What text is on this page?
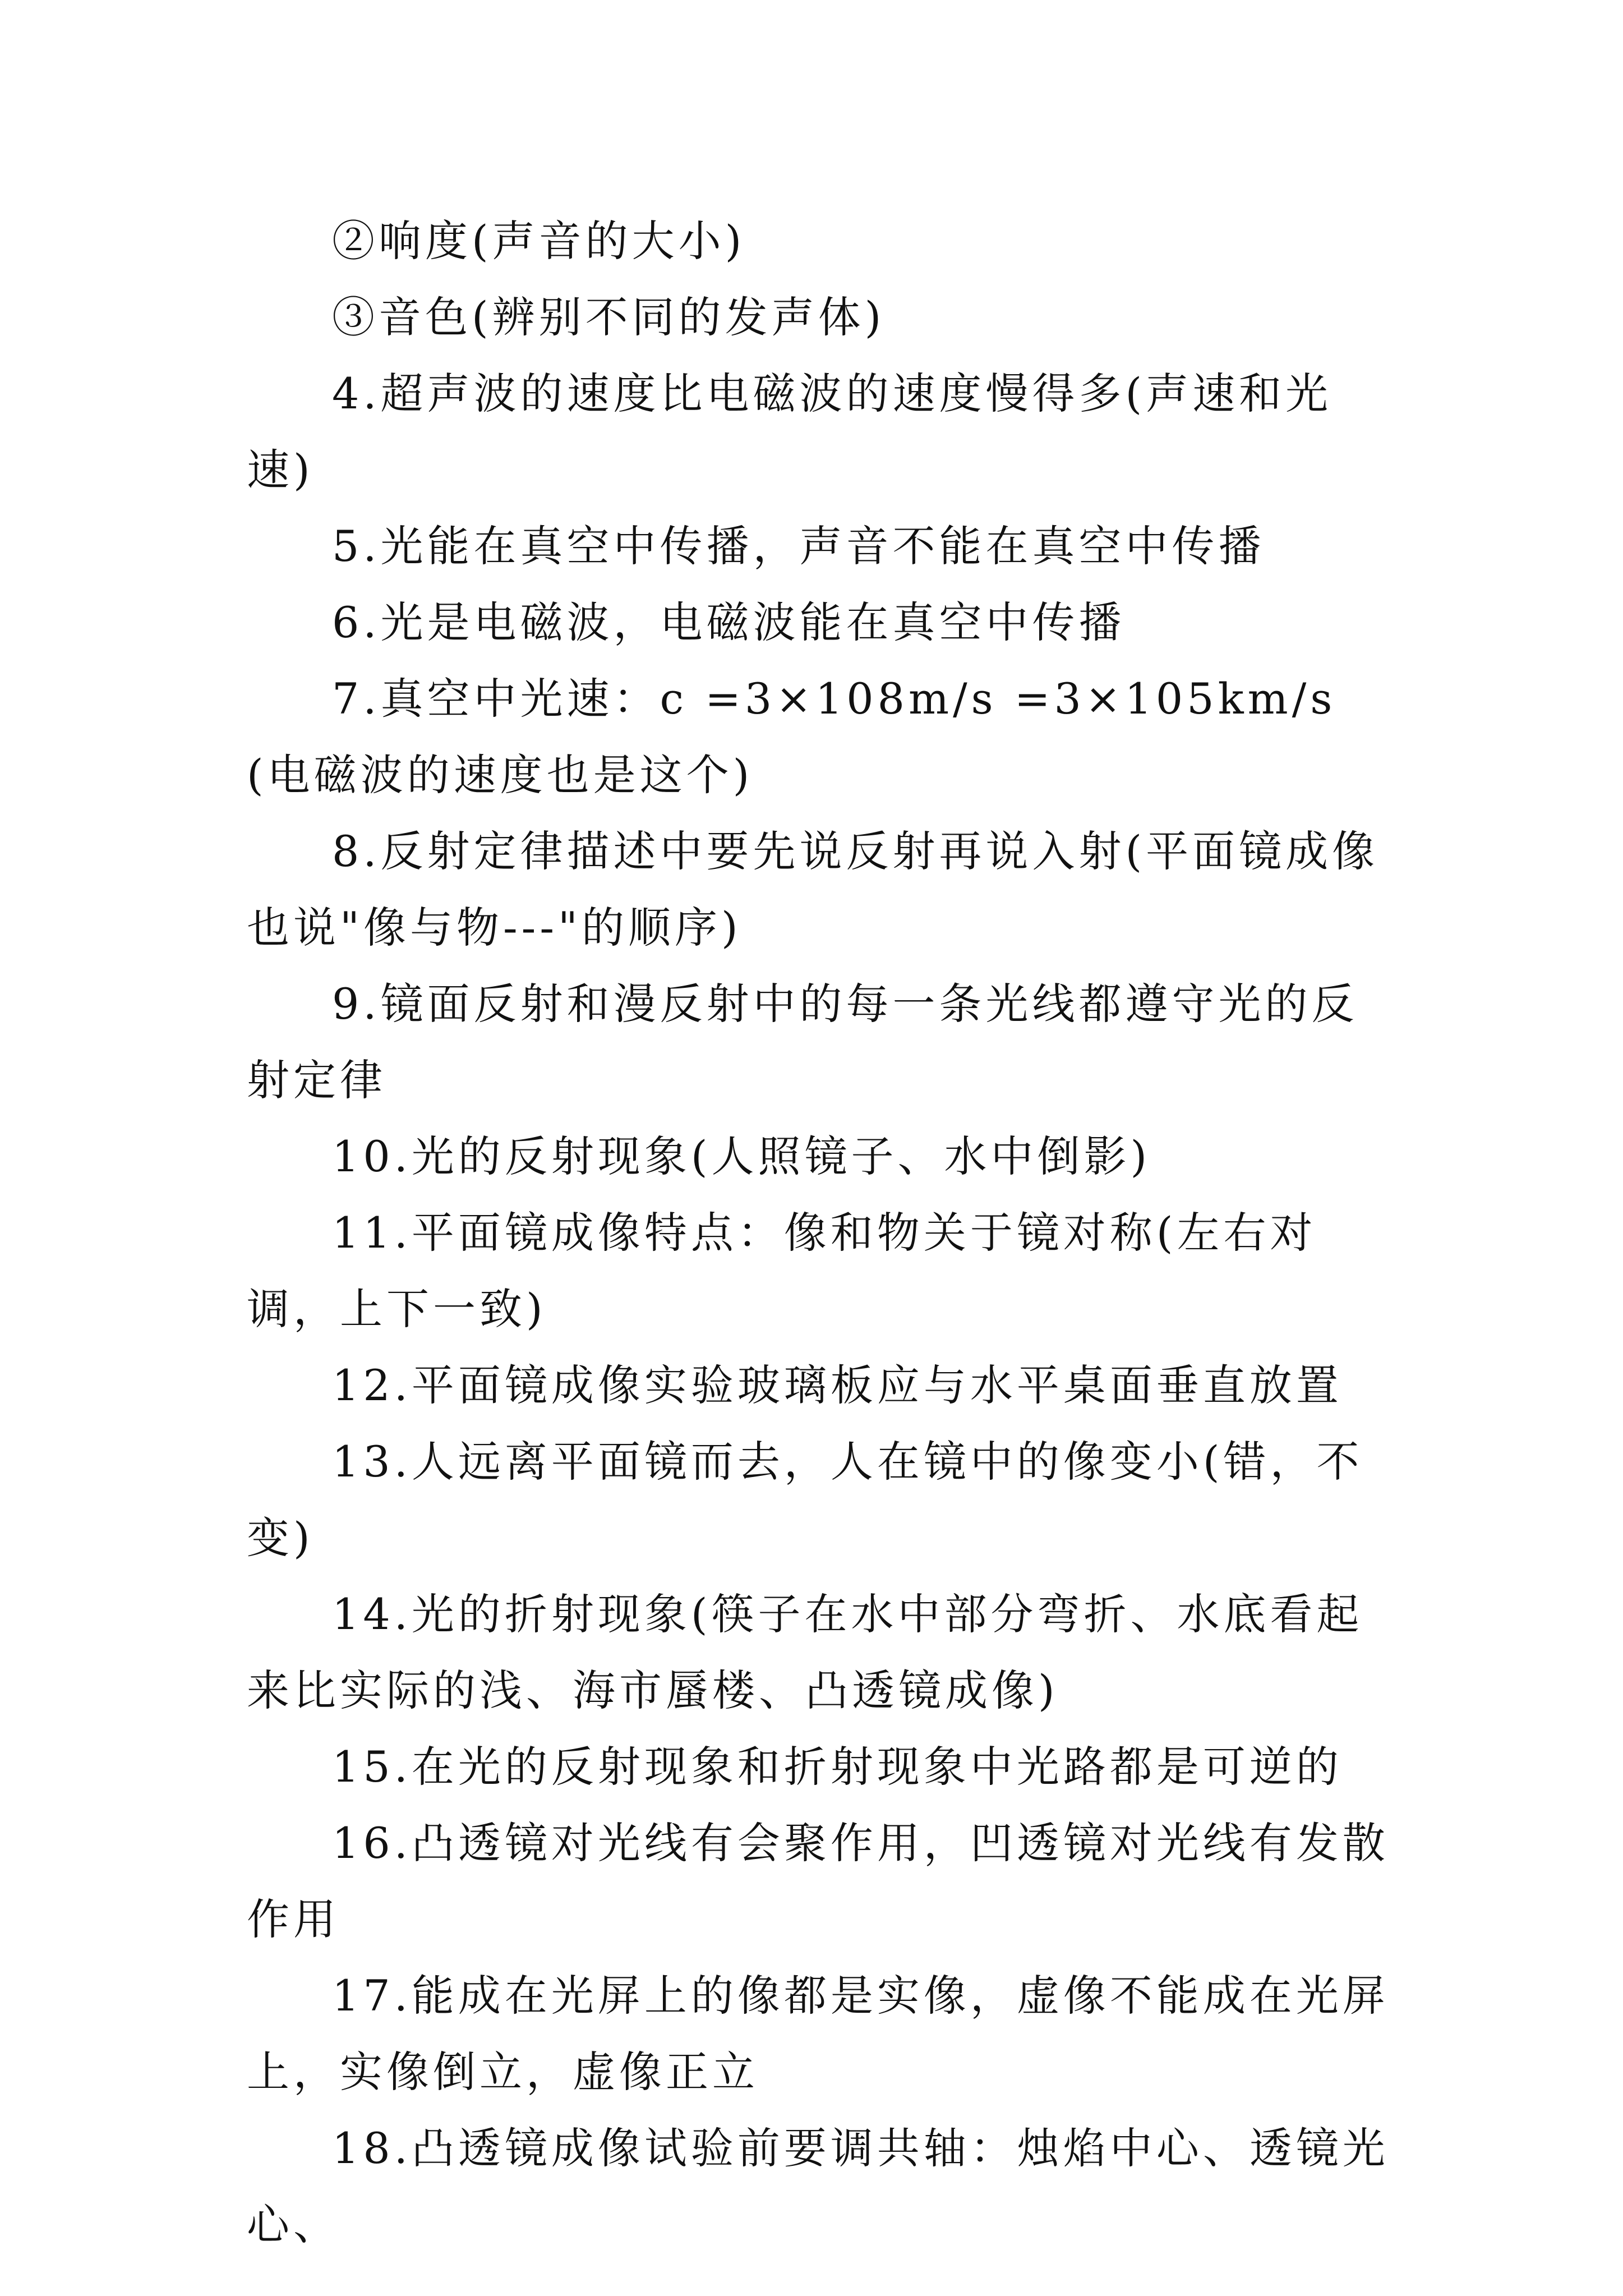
②响度(声音的大小)

③音色(辨别不同的发声体)

4.超声波的速度比电磁波的速度慢得多(声速和光速)

5.光能在真空中传播，声音不能在真空中传播

6.光是电磁波，电磁波能在真空中传播

7.真空中光速：c =3×108m/s =3×105km/s(电磁波的速度也是这个)

8.反射定律描述中要先说反射再说入射(平面镜成像也说"像与物---"的顺序)

9.镜面反射和漫反射中的每一条光线都遵守光的反射定律

10.光的反射现象(人照镜子、水中倒影)

11.平面镜成像特点：像和物关于镜对称(左右对调，上下一致)

12.平面镜成像实验玻璃板应与水平桌面垂直放置

13.人远离平面镜而去，人在镜中的像变小(错，不变)

14.光的折射现象(筷子在水中部分弯折、水底看起来比实际的浅、海市蜃楼、凸透镜成像)

15.在光的反射现象和折射现象中光路都是可逆的

16.凸透镜对光线有会聚作用，凹透镜对光线有发散作用

17.能成在光屏上的像都是实像，虚像不能成在光屏上，实像倒立，虚像正立

18.凸透镜成像试验前要调共轴：烛焰中心、透镜光心、
